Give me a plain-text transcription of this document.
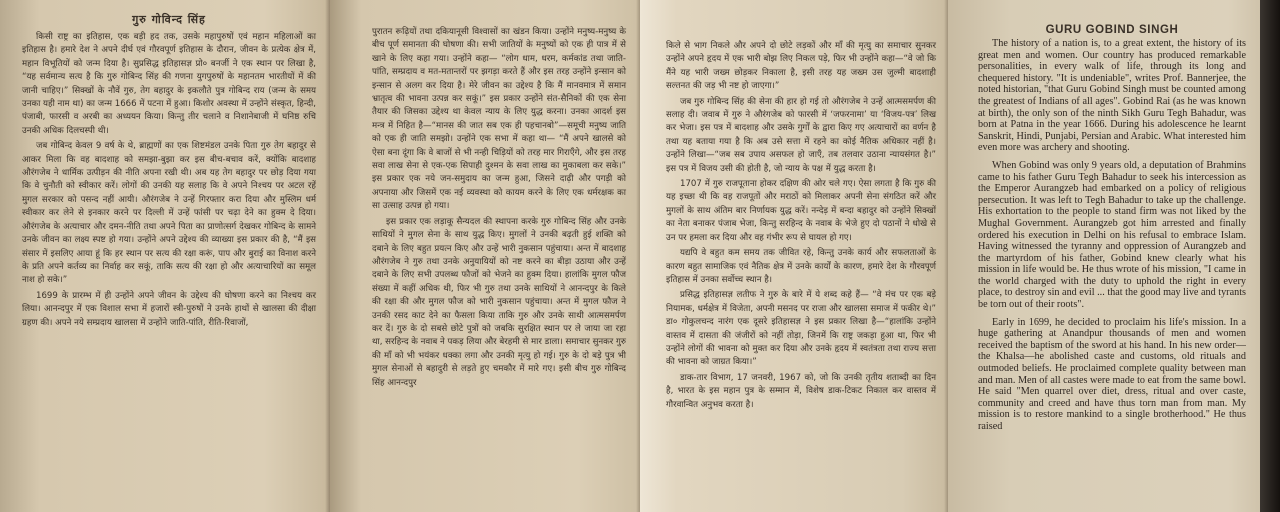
गुरु गोविन्द सिंह

किसी राष्ट्र का इतिहास, एक बड़ी हद तक, उसके महापुरुषों एवं महान महिलाओं का इतिहास है। हमारे देश ने अपने दीर्घ एवं गौरवपूर्ण इतिहास के दौरान, जीवन के प्रत्येक क्षेत्र में, महान विभूतियों को जन्म दिया है। सुप्रसिद्ध इतिहासज्ञ प्रो० बनर्जी ने एक स्थान पर लिखा है, “यह सर्वमान्य सत्य है कि गुरु गोबिन्द सिंह की गणना युगपुरुषों के महानतम भारतीयों में की जानी चाहिए।” सिक्खों के नौवें गुरु, तेग बहादुर के इकलौते पुत्र गोबिन्द राय (जन्म के समय उनका यही नाम था) का जन्म 1666 में पटना में हुआ। किशोर अवस्था में उन्होंने संस्कृत, हिन्दी, पंजाबी, फारसी व अरबी का अध्ययन किया। किन्तु तीर चलाने व निशानेबाजी में घनिष्ठ रुचि उनकी अधिक दिलचस्पी थी।

जब गोबिन्द केवल 9 वर्ष के थे, ब्राह्मणों का एक शिष्टमंडल उनके पिता गुरु तेग बहादुर से आकर मिला कि वह बादशाह को समझा-बुझा कर इस बीच-बचाव करें, क्योंकि बादशाह औरंगजेब ने धार्मिक उत्पीड़न की नीति अपना रखी थी। अब यह तेग बहादुर पर छोड़ दिया गया कि वे चुनौती को स्वीकार करें। लोगों की उनकी यह सलाह कि वे अपने निश्चय पर अटल रहें मुगल सरकार को पसन्द नहीं आयी। औरंगजेब ने उन्हें गिरफ्तार करा दिया और मुस्लिम धर्म स्वीकार कर लेने से इनकार करने पर दिल्ली में उन्हें फांसी पर चढ़ा देने का हुक्म दे दिया। औरंगजेब के अत्याचार और दमन-नीति तथा अपने पिता का प्राणोत्सर्ग देखकर गोबिन्द के सामने उनके जीवन का लक्ष्य स्पष्ट हो गया। उन्होंने अपने उद्देश्य की व्याख्या इस प्रकार की है, “मैं इस संसार में इसलिए आया हूं कि हर स्थान पर सत्य की रक्षा करूं, पाप और बुराई का विनाश करने के प्रति अपने कर्तव्य का निर्वाह कर सकूं, ताकि सत्य की रक्षा हो और अत्याचारियों का समूल नाश हो सके।”

1699 के प्रारम्भ में ही उन्होंने अपने जीवन के उद्देश्य की घोषणा करने का निश्चय कर लिया। आनन्दपुर में एक विशाल सभा में हजारों स्त्री-पुरुषों ने उनके हाथों से खालसा की दीक्षा ग्रहण की। अपने नये सम्प्रदाय खालसा में उन्होंने जाति-पांति, रीति-रिवाजों,

पुरातन रूढ़ियों तथा दकियानूसी विश्वासों का खंडन किया। उन्होंने मनुष्य-मनुष्य के बीच पूर्ण समानता की घोषणा की। सभी जातियों के मनुष्यों को एक ही पात्र में से खाने के लिए कहा गया। उन्होंने कहा— “लोग धाम, धरम, कर्मकांड तथा जाति-पांति, सम्प्रदाय व मत-मतान्तरों पर झगड़ा करते हैं और इस तरह उन्होंने इन्सान को इन्सान से अलग कर दिया है। मेरे जीवन का उद्देश्य है कि मैं मानवमात्र में समान भ्रातृत्व की भावना उत्पन्न कर सकूं।” इस प्रकार उन्होंने संत-सैनिकों की एक सेना तैयार की जिसका उद्देश्य था केवल न्याय के लिए युद्ध करना। उनका आदर्श इस मन्त्र में निहित है—“मानस की जात सब एक ही पहचानबो”—समूची मनुष्य जाति को एक ही जाति समझो। उन्होंने एक सभा में कहा था— “मैं अपने खालसे को ऐसा बना दूंगा कि वे बाजों से भी नन्ही चिड़ियों को तरह मार गिराएँगे, और इस तरह सवा लाख सेना से एक-एक सिपाही दुश्मन के सवा लाख का मुकाबला कर सके।” इस प्रकार एक नये जन-समुदाय का जन्म हुआ, जिसने दाढ़ी और पगड़ी को अपनाया और जिसमें एक नई व्यवस्था को कायम करने के लिए एक धर्मरक्षक का सा उत्साह उत्पन्न हो गया।

इस प्रकार एक लड़ाकू सैन्यदल की स्थापना करके गुरु गोबिन्द सिंह और उनके साथियों ने मुगल सेना के साथ युद्ध किए। मुगलों ने उनकी बढ़ती हुई शक्ति को दबाने के लिए बहुत प्रयत्न किए और उन्हें भारी नुकसान पहुंचाया। अन्त में बादशाह औरंगजेब ने गुरु तथा उनके अनुयायियों को नष्ट करने का बीड़ा उठाया और उन्हें दबाने के लिए सभी उपलब्ध फौजों को भेजने का हुक्म दिया। हालांकि मुगल फौज संख्या में कहीं अधिक थी, फिर भी गुरु तथा उनके साथियों ने आनन्दपुर के किले की रक्षा की और मुगल फौज को भारी नुकसान पहुंचाया। अन्त में मुगल फौज ने उनकी रसद काट देने का फैसला किया ताकि गुरु और उनके साथी आत्मसमर्पण कर दें। गुरु के दो सबसे छोटे पुत्रों को जबकि सुरक्षित स्थान पर ले जाया जा रहा था, सरहिन्द के नवाब ने पकड़ लिया और बेरहमी से मार डाला। समाचार सुनकर गुरु की माँ को भी भयंकर धक्का लगा और उनकी मृत्यु हो गई। गुरु के दो बड़े पुत्र भी मुगल सेनाओं से बहादुरी से लड़ते हुए चमकौर में मारे गए। इसी बीच गुरु गोबिन्द सिंह आनन्दपुर

किले से भाग निकले और अपने दो छोटे लड़कों और माँ की मृत्यु का समाचार सुनकर उन्होंने अपने हृदय में एक भारी बोझ लिए निकल पड़े, फिर भी उन्होंने कहा—“वे जो कि मैंने यह भारी जख्म छोड़कर निकाला है, इसी तरह यह जख्म उस जुल्मी बादशाही सल्तनत की जड़ भी नष्ट हो जाएगा।”

जब गुरु गोबिन्द सिंह की सेना की हार हो गई तो औरंगजेब ने उन्हें आत्मसमर्पण की सलाह दी। जवाब में गुरु ने औरंगजेब को फारसी में ‘जफरनामा’ या ‘विजय-पत्र’ लिख कर भेजा। इस पत्र में बादशाह और उसके गुर्गों के द्वारा किए गए अत्याचारों का वर्णन है तथा यह बताया गया है कि अब उसे सत्ता में रहने का कोई नैतिक अधिकार नहीं है। उन्होंने लिखा—“जब सब उपाय असफल हो जाएँ, तब तलवार उठाना न्यायसंगत है।” इस पत्र में विजय उसी की होती है, जो न्याय के पक्ष में युद्ध करता है।

1707 में गुरु राजपूताना होकर दक्षिण की ओर चले गए। ऐसा लगता है कि गुरु की यह इच्छा थी कि वह राजपूतों और मराठों को मिलाकर अपनी सेना संगठित करें और मुगलों के साथ अंतिम बार निर्णायक युद्ध करें। नन्देड़ में बन्दा बहादुर को उन्होंने सिक्खों का नेता बनाकर पंजाब भेजा, किन्तु सरहिन्द के नवाब के भेजे हुए दो पठानों ने धोखे से उन पर हमला कर दिया और वह गंभीर रूप से घायल हो गए।

यद्यपि वे बहुत कम समय तक जीवित रहे, किन्तु उनके कार्य और सफलताओं के कारण बहुत सामाजिक एवं नैतिक क्षेत्र में उनके कार्यों के कारण, हमारे देश के गौरवपूर्ण इतिहास में उनका सर्वोच्च स्थान है।

प्रसिद्ध इतिहासज्ञ लतीफ ने गुरु के बारे में ये शब्द कहे हैं— “वे मंच पर एक बड़े नियामक, धर्मक्षेत्र में विजेता, अपनी मसनद पर राजा और खालसा समाज में फकीर थे।” डा० गोकुलचन्द नारंग एक दूसरे इतिहासज्ञ ने इस प्रकार लिखा है—“हालांकि उन्होंने वास्तव में दासता की जंजीरों को नहीं तोड़ा, जिनमें कि राष्ट्र जकड़ा हुआ था, फिर भी उन्होंने लोगों की भावना को मुक्त कर दिया और उनके हृदय में स्वतंत्रता तथा राज्य सत्ता की भावना को जाग्रत किया।”

डाक-तार विभाग, 17 जनवरी, 1967 को, जो कि उनकी तृतीय शताब्दी का दिन है, भारत के इस महान पुत्र के सम्मान में, विशेष डाक-टिकट निकाल कर वास्तव में गौरवान्वित अनुभव करता है।

GURU GOBIND SINGH

The history of a nation is, to a great extent, the history of its great men and women. Our country has produced remarkable personalities, in every walk of life, through its long and chequered history. "It is undeniable", writes Prof. Bannerjee, the noted historian, "that Guru Gobind Singh must be counted among the greatest of Indians of all ages". Gobind Rai (as he was known at birth), the only son of the ninth Sikh Guru Tegh Bahadur, was born at Patna in the year 1666. During his adolescence he learnt Sanskrit, Hindi, Punjabi, Persian and Arabic. What interested him even more was archery and shooting.

When Gobind was only 9 years old, a deputation of Brahmins came to his father Guru Tegh Bahadur to seek his intercession as the Emperor Aurangzeb had embarked on a policy of religious persecution. It was left to Tegh Bahadur to take up the challenge. His exhortation to the people to stand firm was not liked by the Mughal Government. Aurangzeb got him arrested and finally ordered his execution in Delhi on his refusal to embrace Islam. Having witnessed the tyranny and oppression of Aurangzeb and the martyrdom of his father, Gobind knew clearly what his mission in life would be. He thus wrote of his mission, "I came in the world charged with the duty to uphold the right in every place, to destroy sin and evil ... that the good may live and tyrants be torn out of their roots".

Early in 1699, he decided to proclaim his life's mission. In a huge gathering at Anandpur thousands of men and women received the baptism of the sword at his hand. In his new order—the Khalsa—he abolished caste and customs, old rituals and outmoded beliefs. He proclaimed complete quality between man and man. Men of all castes were made to eat from the same bowl. He said "Men quarrel over diet, dress, ritual and over caste, community and creed and have thus torn man from man. My mission is to restore mankind to a single brotherhood." He thus raised
